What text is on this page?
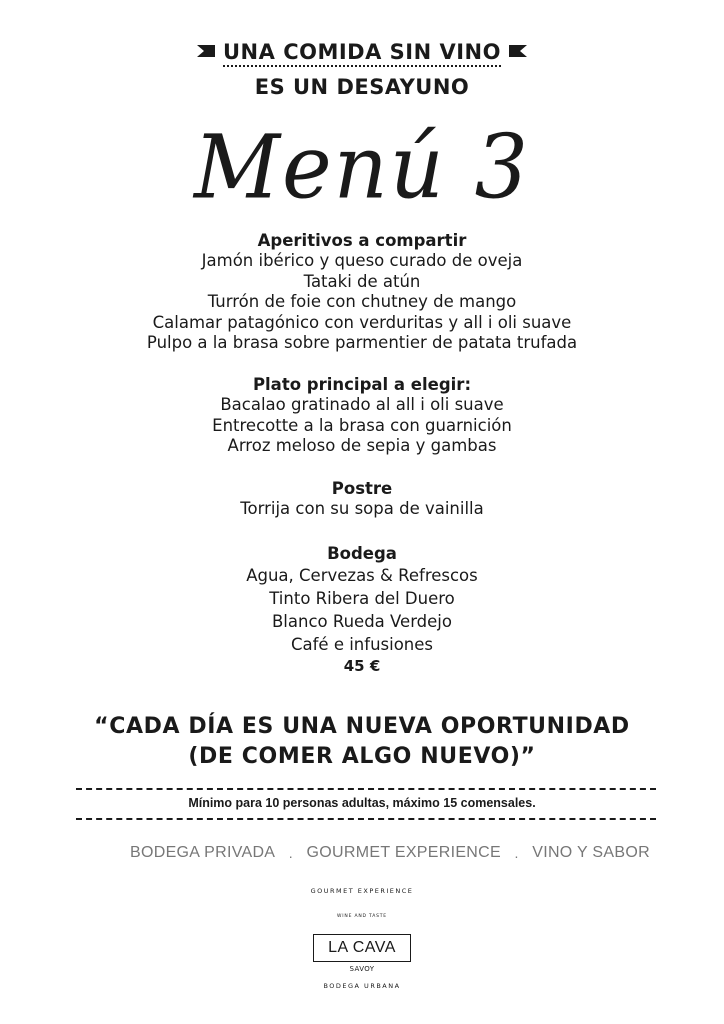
UNA COMIDA SIN VINO
ES UN DESAYUNO
Menú 3
Aperitivos a compartir
Jamón ibérico y queso curado de oveja
Tataki de atún
Turrón de foie con chutney de mango
Calamar patagónico con verduritas y all i oli suave
Pulpo a la brasa sobre parmentier de patata trufada
Plato principal a elegir:
Bacalao gratinado al all i oli suave
Entrecotte a la brasa con guarnición
Arroz meloso de sepia y gambas
Postre
Torrija con su sopa de vainilla
Bodega
Agua, Cervezas & Refrescos
Tinto Ribera del Duero
Blanco Rueda Verdejo
Café e infusiones
45 €
“CADA DÍA ES UNA NUEVA OPORTUNIDAD
(DE COMER ALGO NUEVO)”
Mínimo para 10 personas adultas, máximo 15 comensales.
BODEGA PRIVADA . GOURMET EXPERIENCE . VINO Y SABOR
GOURMET EXPERIENCE
WINE AND TASTE
LA CAVA
SAVOY
BODEGA URBANA
